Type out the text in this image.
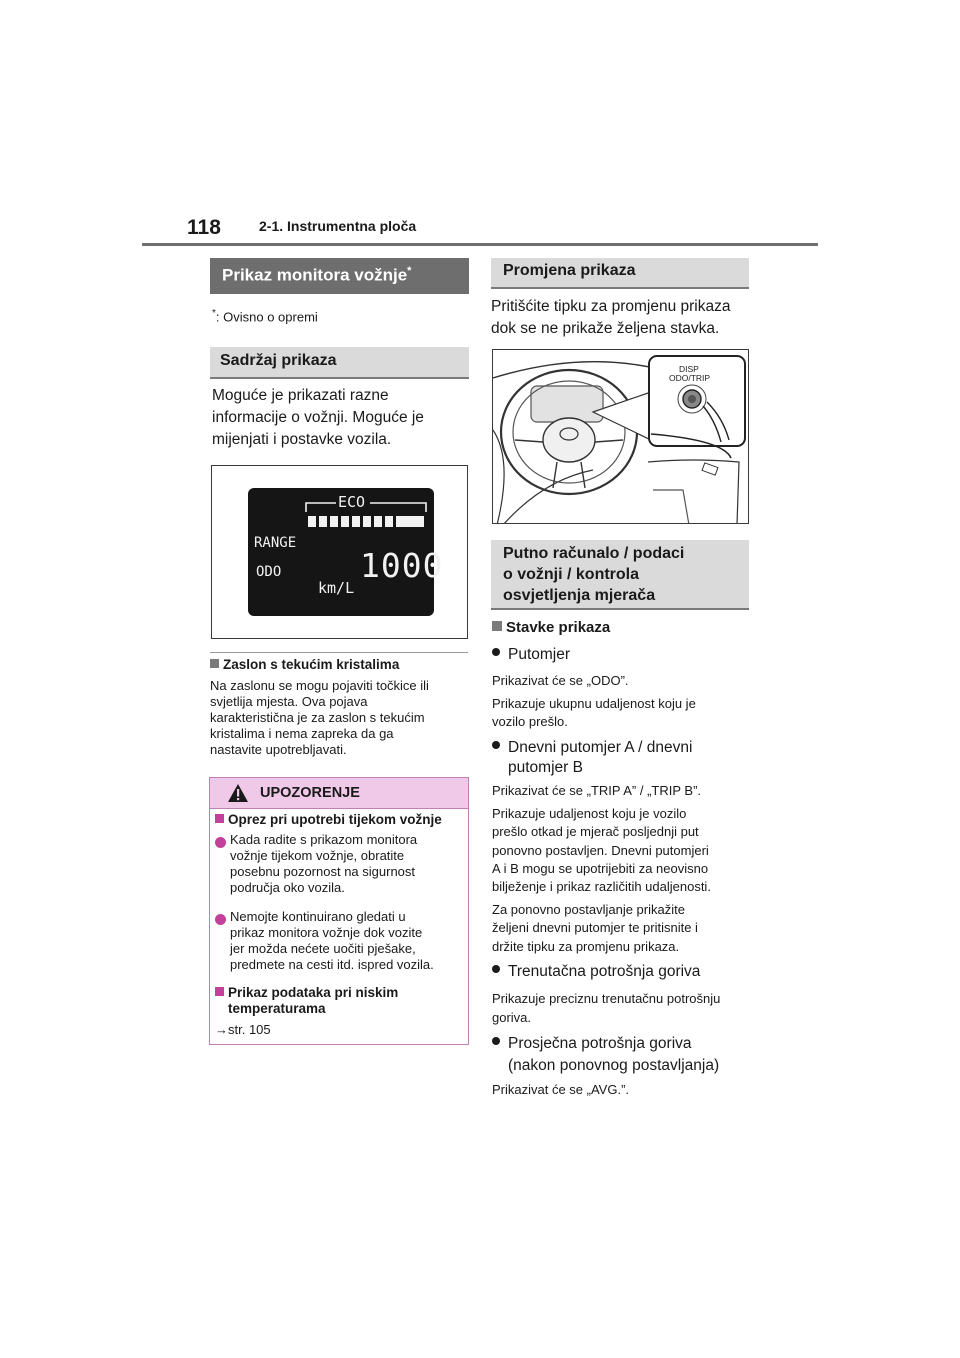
118	2-1. Instrumentna ploča
Prikaz monitora vožnje*
*: Ovisno o opremi
Sadržaj prikaza
Moguće je prikazati razne
informacije o vožnji. Moguće je
mijenjati i postavke vozila.
ECO
RANGE
ODO 1000
km/L
Zaslon s tekućim kristalima
Na zaslonu se mogu pojaviti točkice ili
svjetlija mjesta. Ova pojava
karakteristična je za zaslon s tekućim
kristalima i nema zapreka da ga
nastavite upotrebljavati.
UPOZORENJE
Oprez pri upotrebi tijekom vožnje
Kada radite s prikazom monitora
vožnje tijekom vožnje, obratite
posebnu pozornost na sigurnost
područja oko vozila.
Nemojte kontinuirano gledati u
prikaz monitora vožnje dok vozite
jer možda nećete uočiti pješake,
predmete na cesti itd. ispred vozila.
Prikaz podataka pri niskim
temperaturama
→str. 105
Promjena prikaza
Pritišćite tipku za promjenu prikaza
dok se ne prikaže željena stavka.
DISP
ODO/TRIP
Putno računalo / podaci
o vožnji / kontrola
osvjetljenja mjerača
Stavke prikaza
Putomjer
Prikazivat će se „ODO”.
Prikazuje ukupnu udaljenost koju je
vozilo prešlo.
Dnevni putomjer A / dnevni
putomjer B
Prikazivat će se „TRIP A” / „TRIP B”.
Prikazuje udaljenost koju je vozilo
prešlo otkad je mjerač posljednji put
ponovno postavljen. Dnevni putomjeri
A i B mogu se upotrijebiti za neovisno
bilježenje i prikaz različitih udaljenosti.
Za ponovno postavljanje prikažite
željeni dnevni putomjer te pritisnite i
držite tipku za promjenu prikaza.
Trenutačna potrošnja goriva
Prikazuje preciznu trenutačnu potrošnju
goriva.
Prosječna potrošnja goriva
(nakon ponovnog postavljanja)
Prikazivat će se „AVG.”.
